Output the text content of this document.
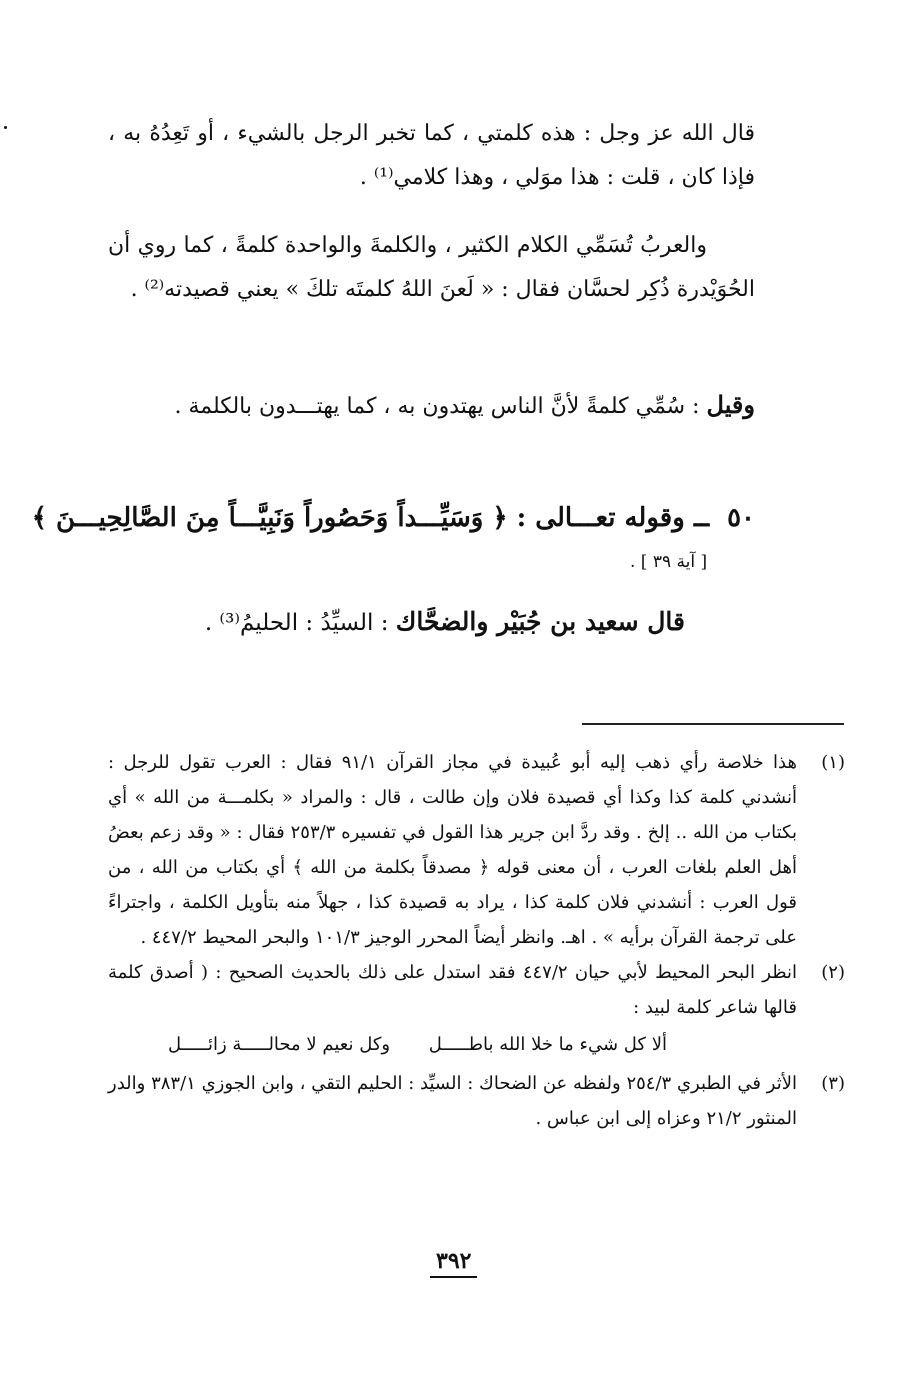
قال الله عز وجل : هذه كلمتي ، كما تخبر الرجل بالشيء ، أو تَعِدُهُ به ، فإذا كان ، قلت : هذا موَلي ، وهذا كلامي⁽¹⁾ .

والعربُ تُسَمِّي الكلام الكثير ، والكلمةَ والواحدة كلمةً ، كما روي أن الحُوَيْدرة ذُكِر لحسَّان فقال : « لَعنَ اللهُ كلمتَه تلكَ » يعني قصيدته⁽²⁾ .

وقيل : سُمِّي كلمةً لأنَّ الناس يهتدون به ، كما يهتـــدون بالكلمة .

٥٠ــ وقوله تعـــالى : ﴿ وَسَيِّـــداً وَحَصُوراً وَنَبِيَّـــاً مِنَ الصَّالِحِيـــنَ ﴾
[ آية ٣٩ ] .
قال سعيد بن جُبَيْر والضحَّاك : السيِّدُ : الحليمُ⁽³⁾ .
(١)
هذا خلاصة رأي ذهب إليه أبو عُبيدة في مجاز القرآن ٩١/١ فقال : العرب تقول للرجل : أنشدني كلمة كذا وكذا أي قصيدة فلان وإن طالت ، قال : والمراد « بكلمـــة من الله » أي بكتاب من الله .. إلخ . وقد ردَّ ابن جرير هذا القول في تفسيره ٢٥٣/٣ فقال : « وقد زعم بعضُ أهل العلم بلغات العرب ، أن معنى قوله ﴿ مصدقاً بكلمة من الله ﴾ أي بكتاب من الله ، من قول العرب : أنشدني فلان كلمة كذا ، يراد به قصيدة كذا ، جهلاً منه بتأويل الكلمة ، واجتراءً على ترجمة القرآن برأيه » . اهـ. وانظر أيضاً المحرر الوجيز ١٠١/٣ والبحر المحيط ٤٤٧/٢ .
(٢)
انظر البحر المحيط لأبي حيان ٤٤٧/٢ فقد استدل على ذلك بالحديث الصحيح : ( أصدق كلمة قالها شاعر كلمة لبيد :
ألا كل شيء ما خلا الله باطـــــل
وكل نعيم لا محالـــــة زائـــــل
(٣)
الأثر في الطبري ٢٥٤/٣ ولفظه عن الضحاك : السيِّد : الحليم التقي ، وابن الجوزي ٣٨٣/١ والدر المنثور ٢١/٢ وعزاه إلى ابن عباس .
٣٩٢
